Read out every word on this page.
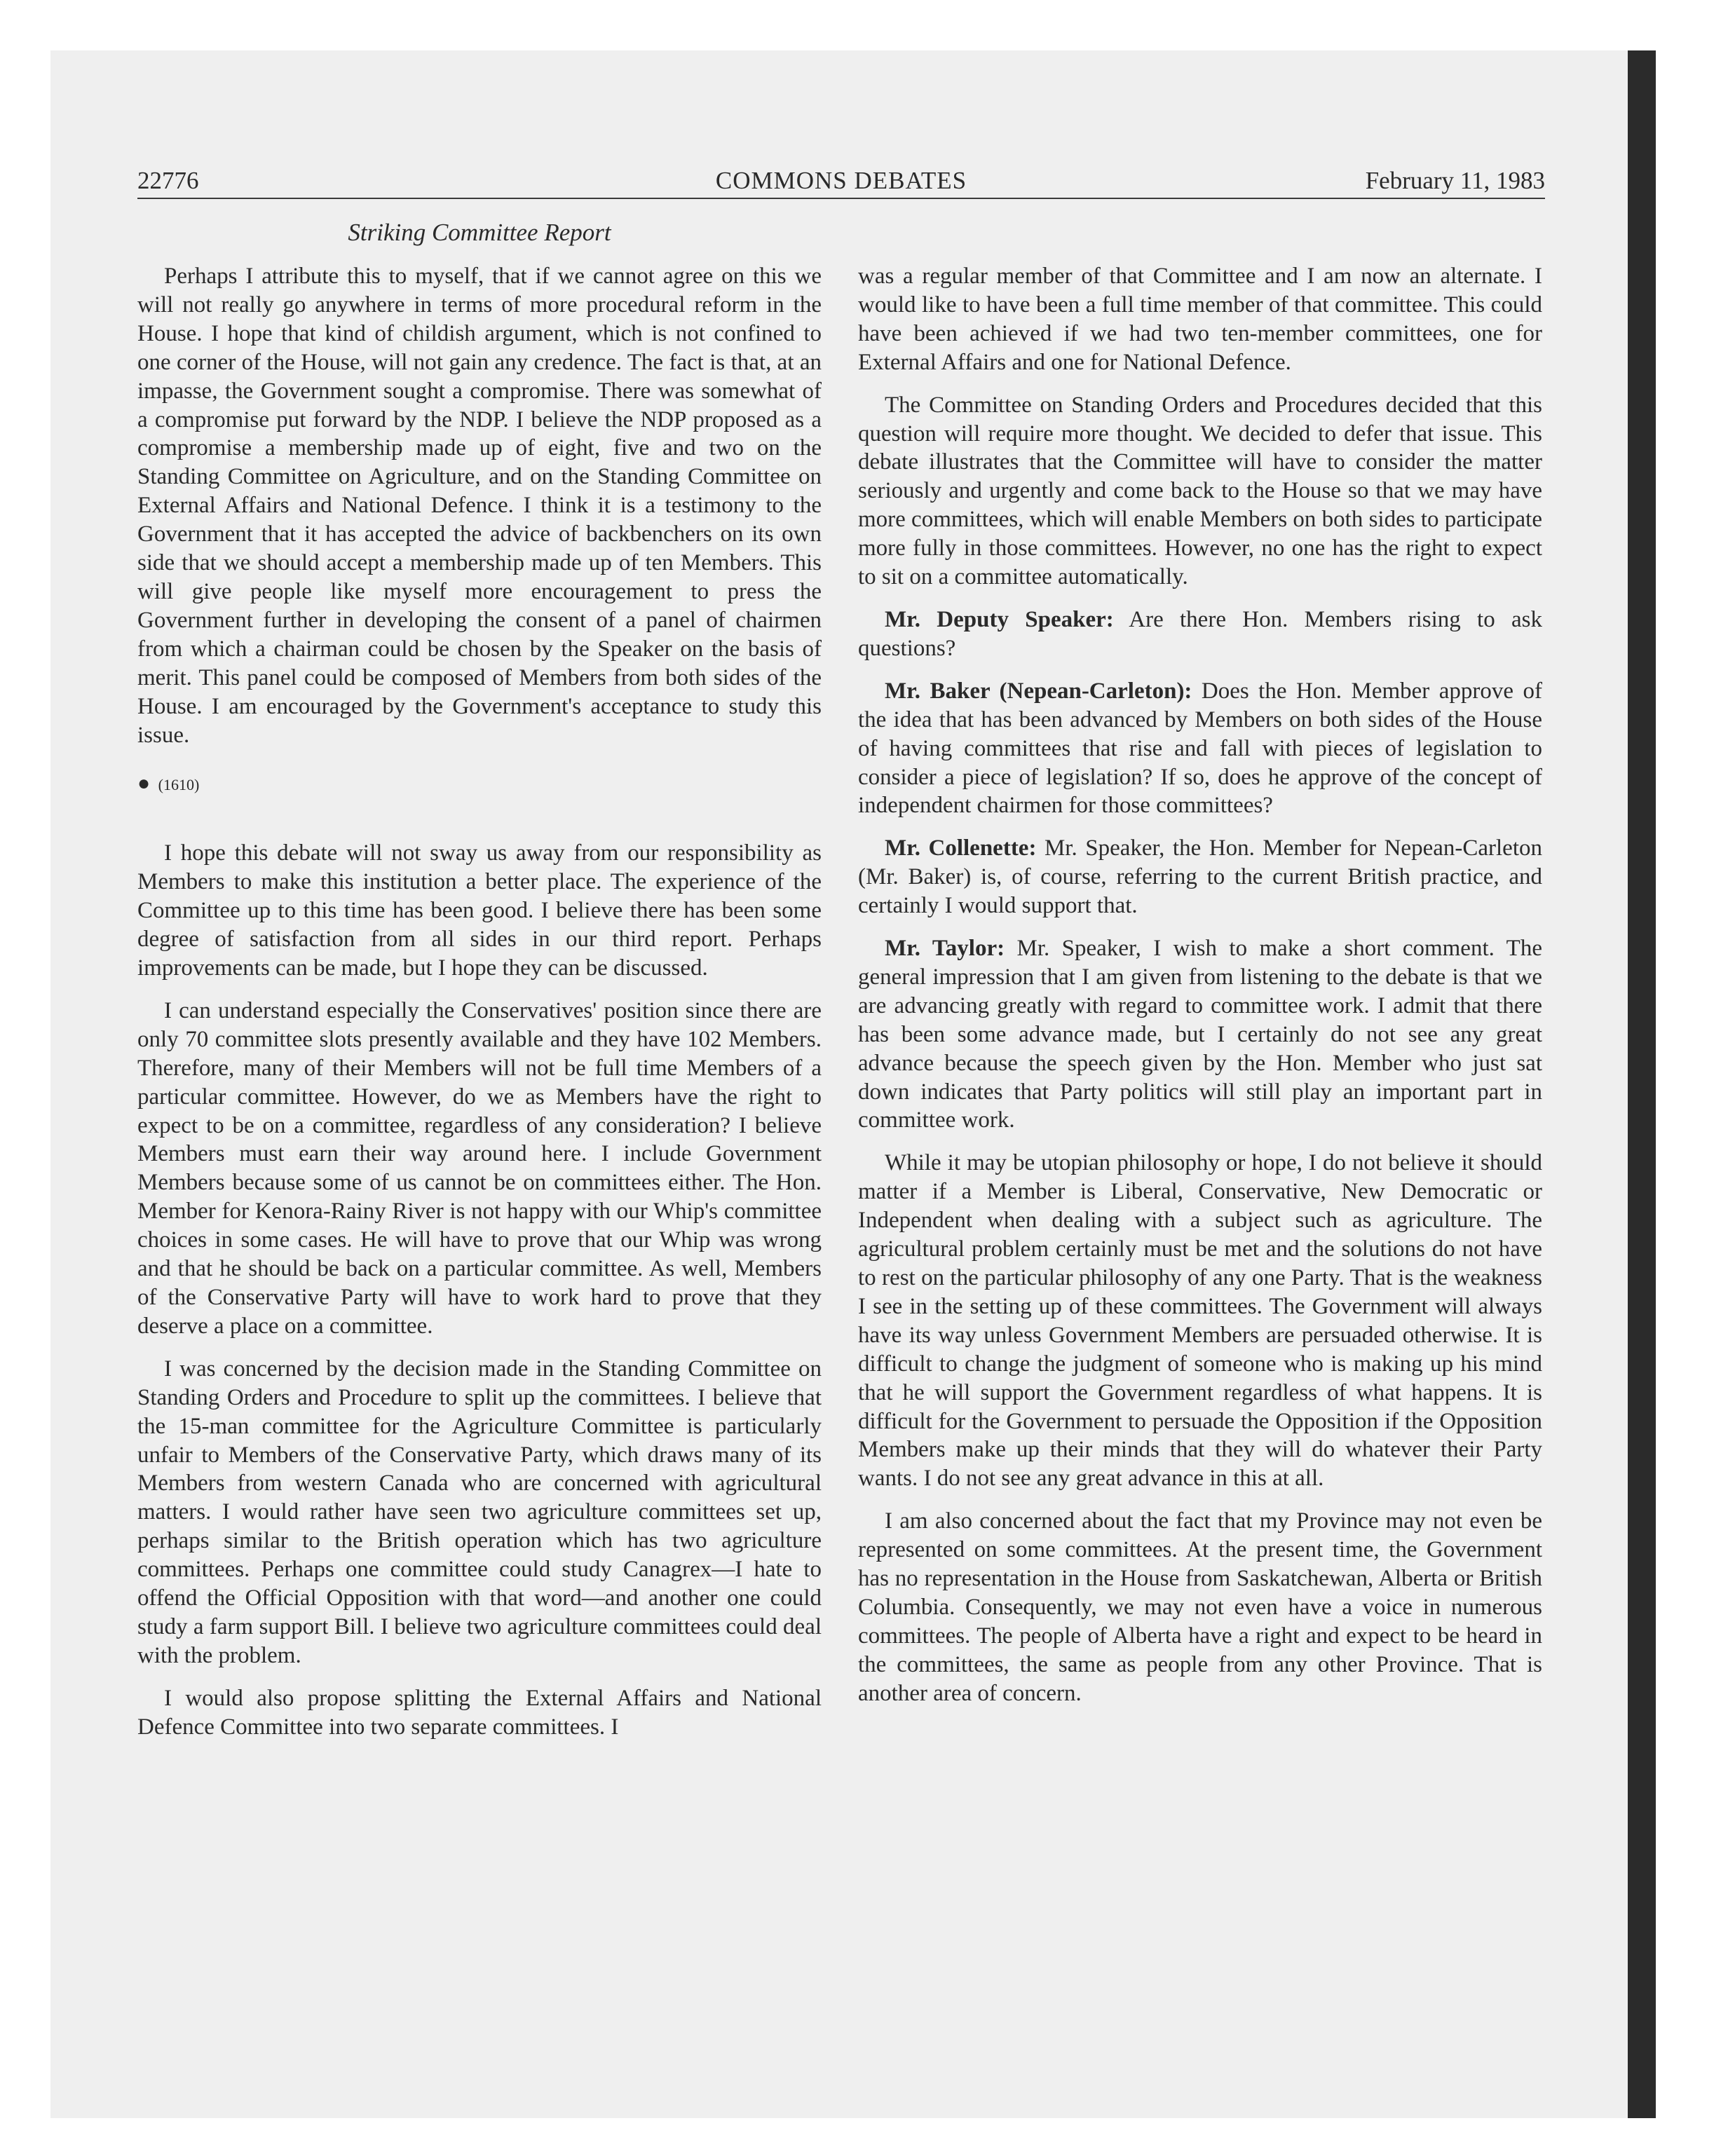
22776	COMMONS DEBATES	February 11, 1983
Striking Committee Report

Perhaps I attribute this to myself, that if we cannot agree on this we will not really go anywhere in terms of more procedural reform in the House. I hope that kind of childish argument, which is not confined to one corner of the House, will not gain any credence. The fact is that, at an impasse, the Government sought a compromise. There was somewhat of a compromise put forward by the NDP. I believe the NDP proposed as a compromise a membership made up of eight, five and two on the Standing Committee on Agriculture, and on the Standing Committee on External Affairs and National Defence. I think it is a testimony to the Government that it has accepted the advice of backbenchers on its own side that we should accept a membership made up of ten Members. This will give people like myself more encouragement to press the Government further in developing the consent of a panel of chairmen from which a chairman could be chosen by the Speaker on the basis of merit. This panel could be composed of Members from both sides of the House. I am encouraged by the Government's acceptance to study this issue.

● (1610)

I hope this debate will not sway us away from our responsibility as Members to make this institution a better place. The experience of the Committee up to this time has been good. I believe there has been some degree of satisfaction from all sides in our third report. Perhaps improvements can be made, but I hope they can be discussed.

I can understand especially the Conservatives' position since there are only 70 committee slots presently available and they have 102 Members. Therefore, many of their Members will not be full time Members of a particular committee. However, do we as Members have the right to expect to be on a committee, regardless of any consideration? I believe Members must earn their way around here. I include Government Members because some of us cannot be on committees either. The Hon. Member for Kenora-Rainy River is not happy with our Whip's committee choices in some cases. He will have to prove that our Whip was wrong and that he should be back on a particular committee. As well, Members of the Conservative Party will have to work hard to prove that they deserve a place on a committee.

I was concerned by the decision made in the Standing Committee on Standing Orders and Procedure to split up the committees. I believe that the 15-man committee for the Agriculture Committee is particularly unfair to Members of the Conservative Party, which draws many of its Members from western Canada who are concerned with agricultural matters. I would rather have seen two agriculture committees set up, perhaps similar to the British operation which has two agriculture committees. Perhaps one committee could study Canagrex—I hate to offend the Official Opposition with that word—and another one could study a farm support Bill. I believe two agriculture committees could deal with the problem.

I would also propose splitting the External Affairs and National Defence Committee into two separate committees. I

was a regular member of that Committee and I am now an alternate. I would like to have been a full time member of that committee. This could have been achieved if we had two ten-member committees, one for External Affairs and one for National Defence.

The Committee on Standing Orders and Procedures decided that this question will require more thought. We decided to defer that issue. This debate illustrates that the Committee will have to consider the matter seriously and urgently and come back to the House so that we may have more committees, which will enable Members on both sides to participate more fully in those committees. However, no one has the right to expect to sit on a committee automatically.

Mr. Deputy Speaker: Are there Hon. Members rising to ask questions?

Mr. Baker (Nepean-Carleton): Does the Hon. Member approve of the idea that has been advanced by Members on both sides of the House of having committees that rise and fall with pieces of legislation to consider a piece of legislation? If so, does he approve of the concept of independent chairmen for those committees?

Mr. Collenette: Mr. Speaker, the Hon. Member for Nepean-Carleton (Mr. Baker) is, of course, referring to the current British practice, and certainly I would support that.

Mr. Taylor: Mr. Speaker, I wish to make a short comment. The general impression that I am given from listening to the debate is that we are advancing greatly with regard to committee work. I admit that there has been some advance made, but I certainly do not see any great advance because the speech given by the Hon. Member who just sat down indicates that Party politics will still play an important part in committee work.

While it may be utopian philosophy or hope, I do not believe it should matter if a Member is Liberal, Conservative, New Democratic or Independent when dealing with a subject such as agriculture. The agricultural problem certainly must be met and the solutions do not have to rest on the particular philosophy of any one Party. That is the weakness I see in the setting up of these committees. The Government will always have its way unless Government Members are persuaded otherwise. It is difficult to change the judgment of someone who is making up his mind that he will support the Government regardless of what happens. It is difficult for the Government to persuade the Opposition if the Opposition Members make up their minds that they will do whatever their Party wants. I do not see any great advance in this at all.

I am also concerned about the fact that my Province may not even be represented on some committees. At the present time, the Government has no representation in the House from Saskatchewan, Alberta or British Columbia. Consequently, we may not even have a voice in numerous committees. The people of Alberta have a right and expect to be heard in the committees, the same as people from any other Province. That is another area of concern.
